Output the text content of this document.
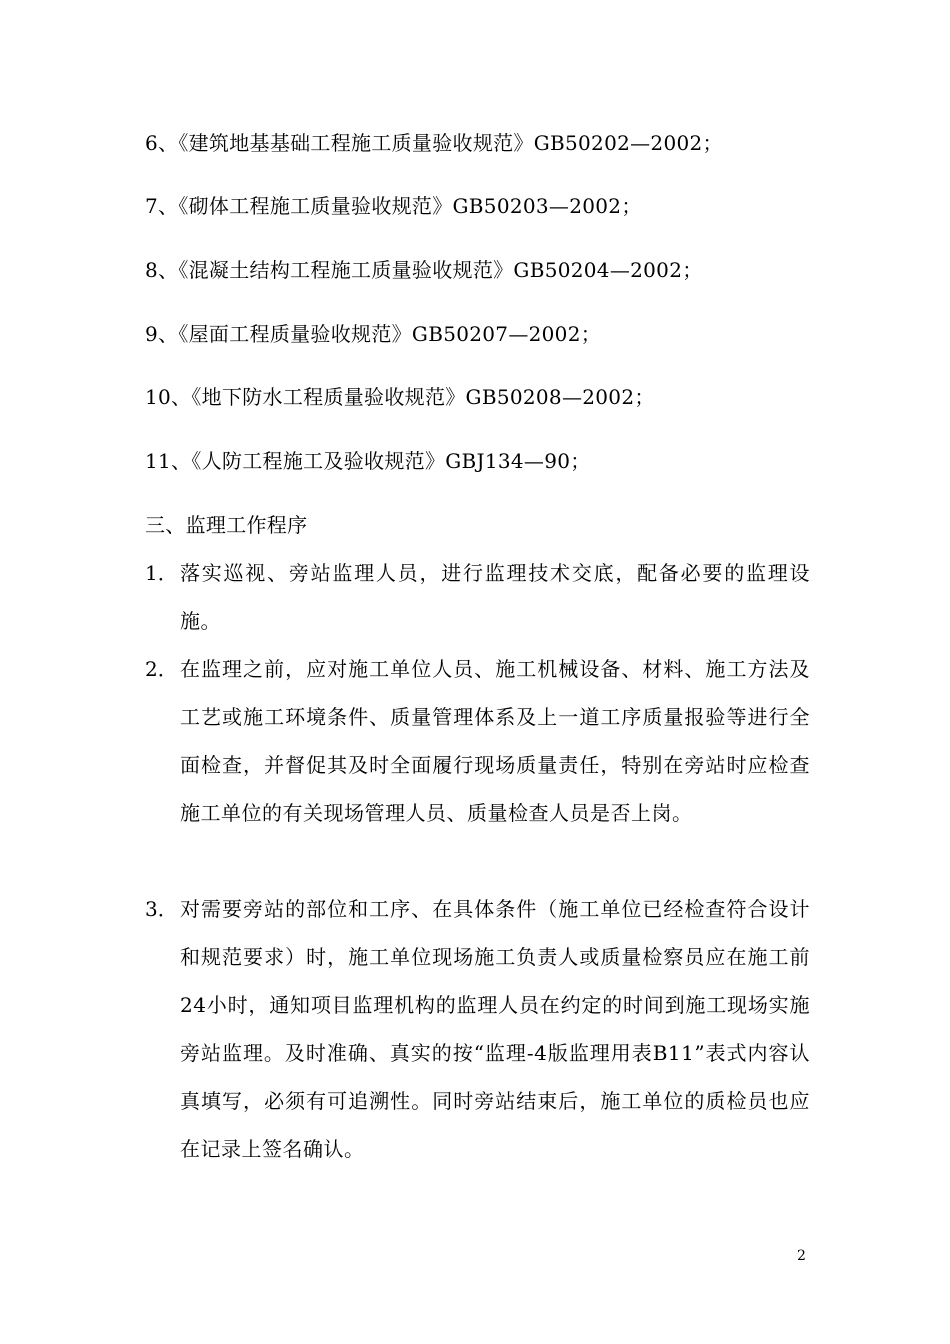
6、《建筑地基基础工程施工质量验收规范》GB50202—2002；
7、《砌体工程施工质量验收规范》GB50203—2002；
8、《混凝土结构工程施工质量验收规范》GB50204—2002；
9、《屋面工程质量验收规范》GB50207—2002；
10、《地下防水工程质量验收规范》GB50208—2002；
11、《人防工程施工及验收规范》GBJ134—90；
三、监理工作程序
1． 落实巡视、旁站监理人员，进行监理技术交底，配备必要的监理设施。
2． 在监理之前，应对施工单位人员、施工机械设备、材料、施工方法及工艺或施工环境条件、质量管理体系及上一道工序质量报验等进行全面检查，并督促其及时全面履行现场质量责任，特别在旁站时应检查施工单位的有关现场管理人员、质量检查人员是否上岗。
3． 对需要旁站的部位和工序、在具体条件（施工单位已经检查符合设计和规范要求）时，施工单位现场施工负责人或质量检察员应在施工前24小时，通知项目监理机构的监理人员在约定的时间到施工现场实施旁站监理。及时准确、真实的按“监理-4版监理用表B11”表式内容认真填写，必须有可追溯性。同时旁站结束后，施工单位的质检员也应在记录上签名确认。
2
